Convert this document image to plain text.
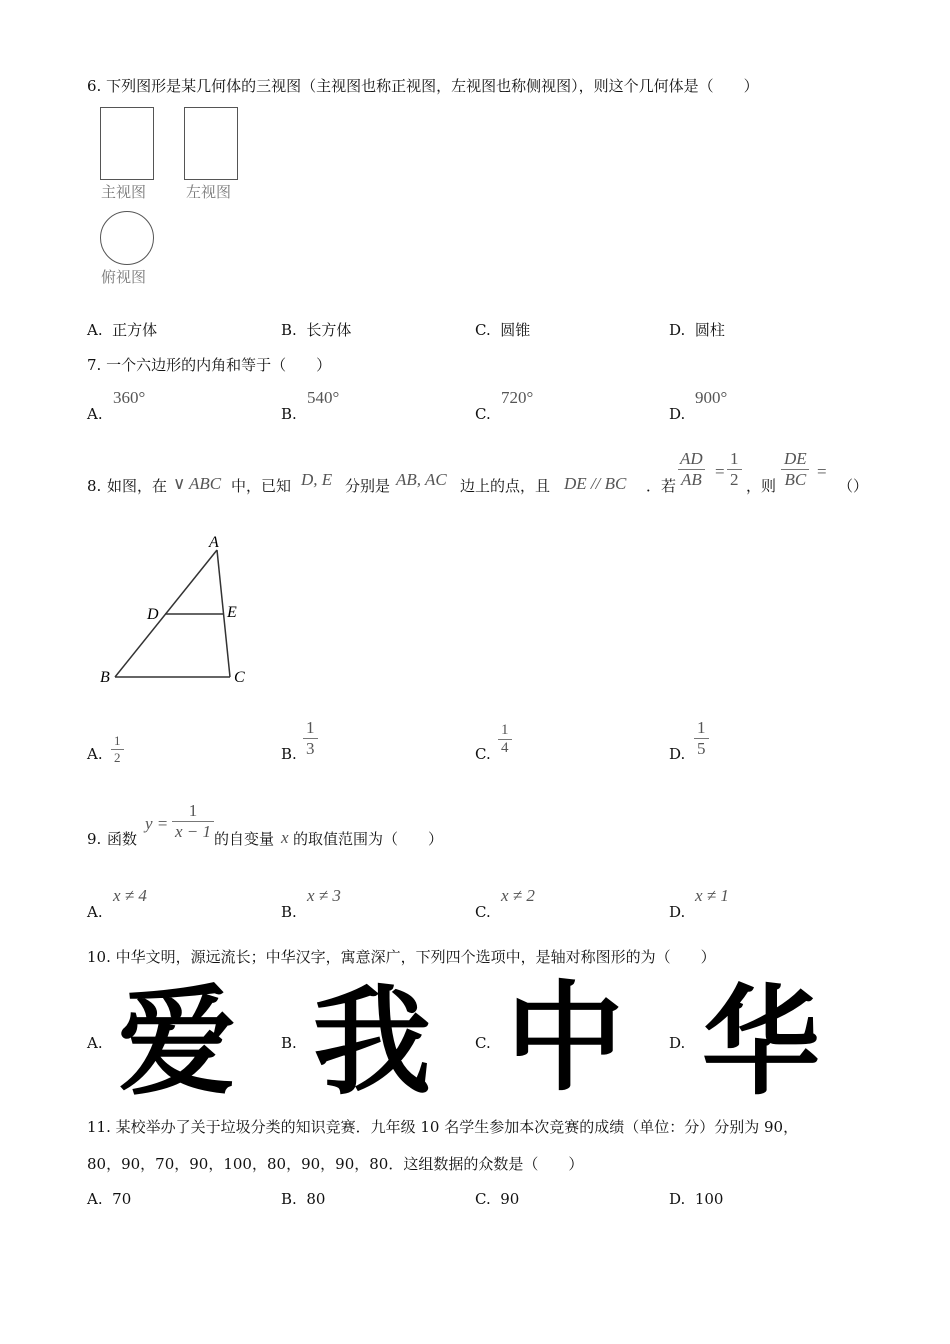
6. 下列图形是某几何体的三视图（主视图也称正视图，左视图也称侧视图），则这个几何体是（　　）
主视图	左视图
俯视图
A. 正方体	B. 长方体	C. 圆锥	D. 圆柱
7. 一个六边形的内角和等于（　　）
A.
360°
B.
540°
C.
720°
D.
900°
8. 如图，在 ∨ ABC 中，已知 D, E 分别是 AB, AC 边上的点，且 DE // BC ．若 $\frac{AD}{AB} = \frac{1}{2}$ ，则 $\frac{DE}{BC}$ =
（）
A
B	C
D	E
A. $\frac{1}{2}$	B. $\frac{1}{3}$	C. $\frac{1}{4}$	D. $\frac{1}{5}$
9. 函数
$y = \frac{1}{x - 1}$ 的自变量 x 的取值范围为（　　）
A.
x ≠ 4
B.
x ≠ 3
C.
x ≠ 2
D.
x ≠ 1
10. 中华文明，源远流长；中华汉字，寓意深广，下列四个选项中，是轴对称图形的为（　　）
A. 爱	B. 我	C. 中	D. 华
11. 某校举办了关于垃圾分类的知识竞赛．九年级 10 名学生参加本次竞赛的成绩（单位：分）分别为 90，
80，90，70，90，100，80，90，90，80．这组数据的众数是（　　）
A. 70	B. 80	C. 90	D. 100
